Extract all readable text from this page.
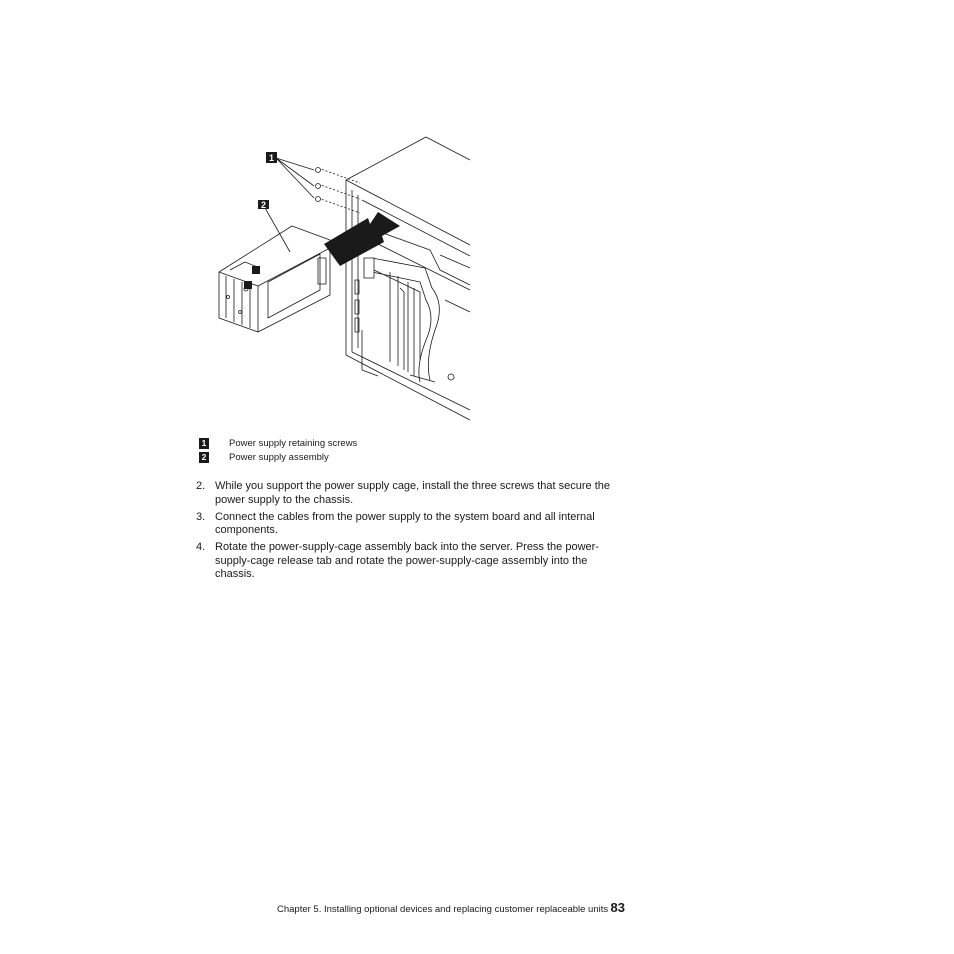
1
2
1 Power supply retaining screws
2 Power supply assembly
2. While you support the power supply cage, install the three screws that secure the power supply to the chassis.
3. Connect the cables from the power supply to the system board and all internal components.
4. Rotate the power-supply-cage assembly back into the server. Press the power-supply-cage release tab and rotate the power-supply-cage assembly into the chassis.
Chapter 5. Installing optional devices and replacing customer replaceable units 83
